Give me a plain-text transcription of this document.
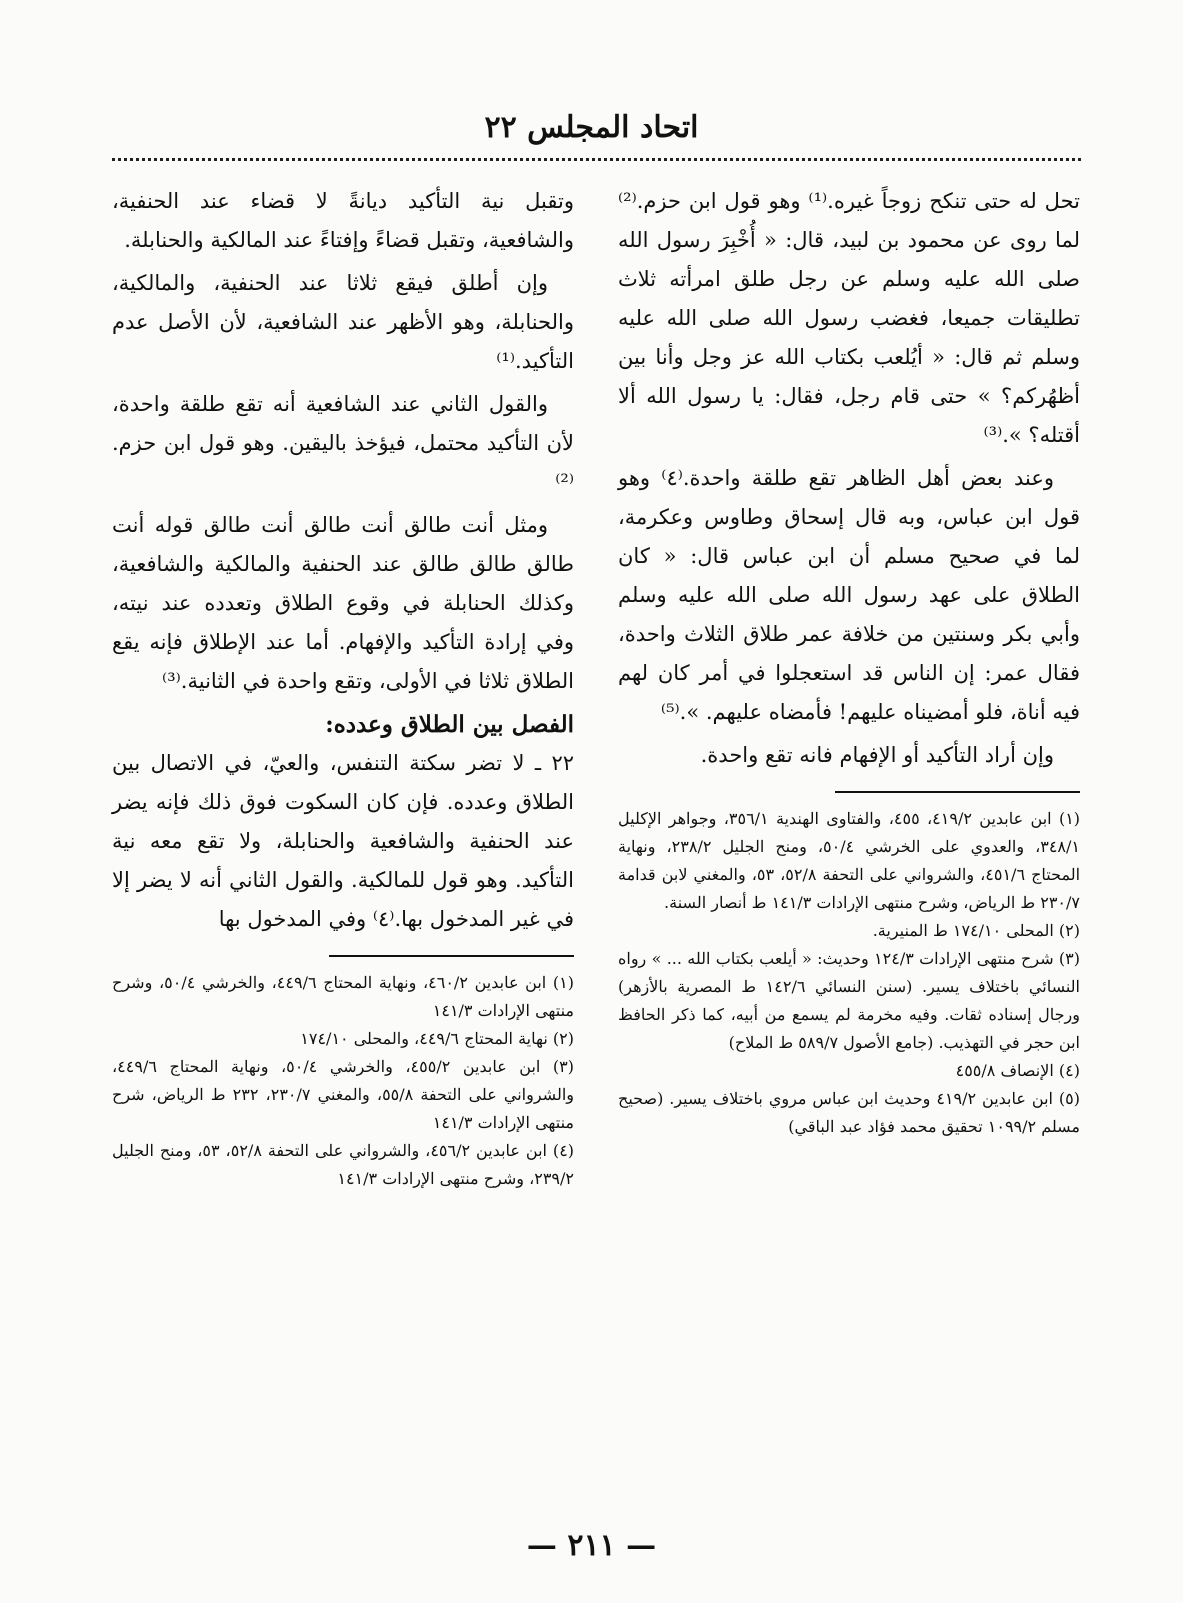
اتحاد المجلس ٢٢

تحل له حتى تنكح زوجاً غيره.⁽¹⁾ وهو قول ابن حزم.⁽²⁾ لما روى عن محمود بن لبيد، قال: « أُخْبِرَ رسول الله صلى الله عليه وسلم عن رجل طلق امرأته ثلاث تطليقات جميعا، فغضب رسول الله صلى الله عليه وسلم ثم قال: « أيُلعب بكتاب الله عز وجل وأنا بين أظهُركم؟ » حتى قام رجل، فقال: يا رسول الله ألا أقتله؟ ».⁽³⁾

وعند بعض أهل الظاهر تقع طلقة واحدة.⁽٤⁾ وهو قول ابن عباس، وبه قال إسحاق وطاوس وعكرمة، لما في صحيح مسلم أن ابن عباس قال: « كان الطلاق على عهد رسول الله صلى الله عليه وسلم وأبي بكر وسنتين من خلافة عمر طلاق الثلاث واحدة، فقال عمر: إن الناس قد استعجلوا في أمر كان لهم فيه أناة، فلو أمضيناه عليهم! فأمضاه عليهم. ».⁽⁵⁾

وإن أراد التأكيد أو الإفهام فانه تقع واحدة.

(١) ابن عابدين ٤١٩/٢، ٤٥٥، والفتاوى الهندية ٣٥٦/١، وجواهر الإكليل ٣٤٨/١، والعدوي على الخرشي ٥٠/٤، ومنح الجليل ٢٣٨/٢، ونهاية المحتاج ٤٥١/٦، والشرواني على التحفة ٥٢/٨، ٥٣، والمغني لابن قدامة ٢٣٠/٧ ط الرياض، وشرح منتهى الإرادات ١٤١/٣ ط أنصار السنة.
(٢) المحلى ١٧٤/١٠ ط المنيرية.
(٣) شرح منتهى الإرادات ١٢٤/٣ وحديث: « أيلعب بكتاب الله ... » رواه النسائي باختلاف يسير. (سنن النسائي ١٤٢/٦ ط المصرية بالأزهر) ورجال إسناده ثقات. وفيه مخرمة لم يسمع من أبيه، كما ذكر الحافظ ابن حجر في التهذيب. (جامع الأصول ٥٨٩/٧ ط الملاح)
(٤) الإنصاف ٤٥٥/٨
(٥) ابن عابدين ٤١٩/٢ وحديث ابن عباس مروي باختلاف يسير. (صحيح مسلم ١٠٩٩/٢ تحقيق محمد فؤاد عبد الباقي)

وتقبل نية التأكيد ديانةً لا قضاء عند الحنفية، والشافعية، وتقبل قضاءً وإفتاءً عند المالكية والحنابلة.

وإن أطلق فيقع ثلاثا عند الحنفية، والمالكية، والحنابلة، وهو الأظهر عند الشافعية، لأن الأصل عدم التأكيد.⁽¹⁾

والقول الثاني عند الشافعية أنه تقع طلقة واحدة، لأن التأكيد محتمل، فيؤخذ باليقين. وهو قول ابن حزم.⁽²⁾

ومثل أنت طالق أنت طالق أنت طالق قوله أنت طالق طالق طالق عند الحنفية والمالكية والشافعية، وكذلك الحنابلة في وقوع الطلاق وتعدده عند نيته، وفي إرادة التأكيد والإفهام. أما عند الإطلاق فإنه يقع الطلاق ثلاثا في الأولى، وتقع واحدة في الثانية.⁽³⁾

الفصل بين الطلاق وعدده:

٢٢ ـ لا تضر سكتة التنفس، والعيّ، في الاتصال بين الطلاق وعدده. فإن كان السكوت فوق ذلك فإنه يضر عند الحنفية والشافعية والحنابلة، ولا تقع معه نية التأكيد. وهو قول للمالكية. والقول الثاني أنه لا يضر إلا في غير المدخول بها.⁽٤⁾ وفي المدخول بها

(١) ابن عابدين ٤٦٠/٢، ونهاية المحتاج ٤٤٩/٦، والخرشي ٥٠/٤، وشرح منتهى الإرادات ١٤١/٣
(٢) نهاية المحتاج ٤٤٩/٦، والمحلى ١٧٤/١٠
(٣) ابن عابدين ٤٥٥/٢، والخرشي ٥٠/٤، ونهاية المحتاج ٤٤٩/٦، والشرواني على التحفة ٥٥/٨، والمغني ٢٣٠/٧، ٢٣٢ ط الرياض، شرح منتهى الإرادات ١٤١/٣
(٤) ابن عابدين ٤٥٦/٢، والشرواني على التحفة ٥٢/٨، ٥٣، ومنح الجليل ٢٣٩/٢، وشرح منتهى الإرادات ١٤١/٣
— ٢١١ —
